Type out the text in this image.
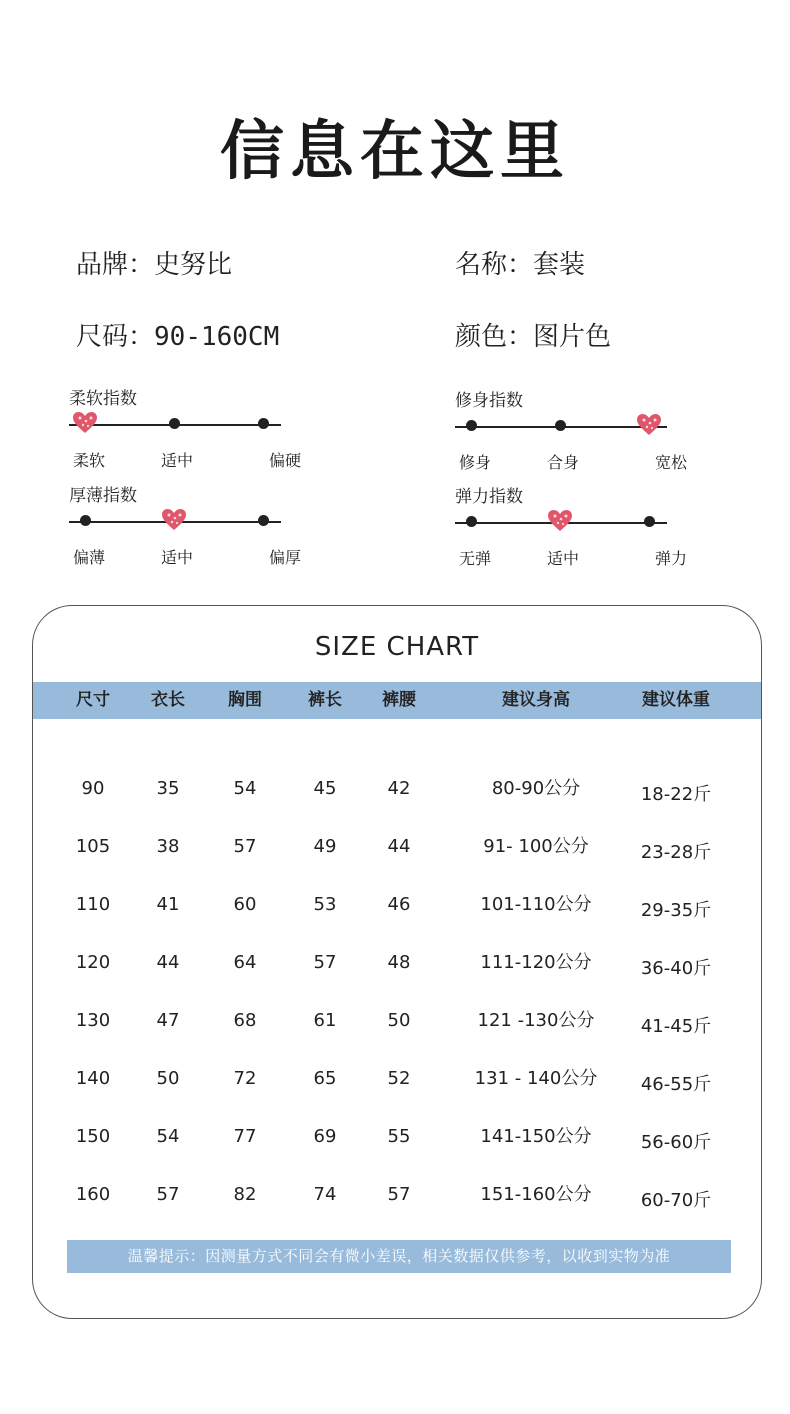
信息在这里
品牌：史努比	名称：套装
尺码：90-160CM	颜色：图片色
柔软指数
柔软	适中	偏硬
修身指数
修身	合身	宽松
厚薄指数
偏薄	适中	偏厚
弹力指数
无弹	适中	弹力
SIZE CHART
尺寸	衣长	胸围	裤长	裤腰	建议身高	建议体重
90	35	54	45	42	80-90公分	18-22斤
105	38	57	49	44	91- 100公分	23-28斤
110	41	60	53	46	101-110公分	29-35斤
120	44	64	57	48	111-120公分	36-40斤
130	47	68	61	50	121 -130公分	41-45斤
140	50	72	65	52	131 - 140公分	46-55斤
150	54	77	69	55	141-150公分	56-60斤
160	57	82	74	57	151-160公分	60-70斤
温馨提示：因测量方式不同会有微小差误，相关数据仅供参考，以收到实物为准
